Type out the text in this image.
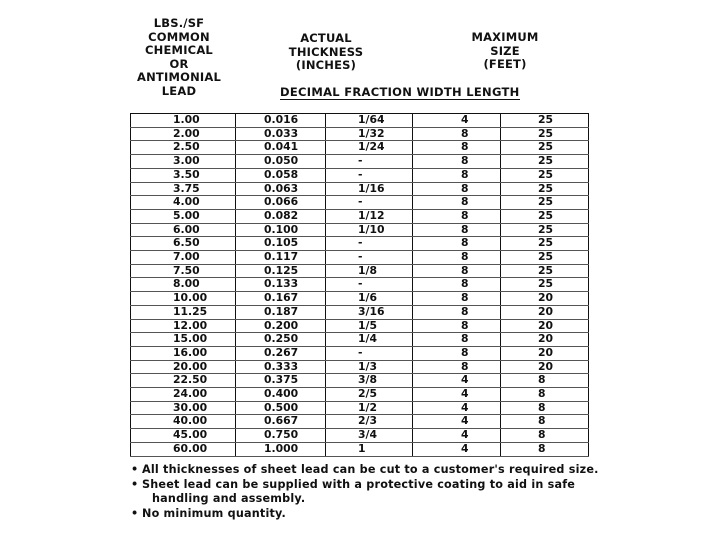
LBS./SF
COMMON
CHEMICAL
OR
ANTIMONIAL
LEAD
ACTUAL
THICKNESS
(INCHES)
MAXIMUM
SIZE
(FEET)
DECIMAL FRACTION WIDTH LENGTH
1.00	0.016	1/64	4	25
2.00	0.033	1/32	8	25
2.50	0.041	1/24	8	25
3.00	0.050	-	8	25
3.50	0.058	-	8	25
3.75	0.063	1/16	8	25
4.00	0.066	-	8	25
5.00	0.082	1/12	8	25
6.00	0.100	1/10	8	25
6.50	0.105	-	8	25
7.00	0.117	-	8	25
7.50	0.125	1/8	8	25
8.00	0.133	-	8	25
10.00	0.167	1/6	8	20
11.25	0.187	3/16	8	20
12.00	0.200	1/5	8	20
15.00	0.250	1/4	8	20
16.00	0.267	-	8	20
20.00	0.333	1/3	8	20
22.50	0.375	3/8	4	8
24.00	0.400	2/5	4	8
30.00	0.500	1/2	4	8
40.00	0.667	2/3	4	8
45.00	0.750	3/4	4	8
60.00	1.000	1	4	8
• All thicknesses of sheet lead can be cut to a customer's required size.
• Sheet lead can be supplied with a protective coating to aid in safe
handling and assembly.
• No minimum quantity.
